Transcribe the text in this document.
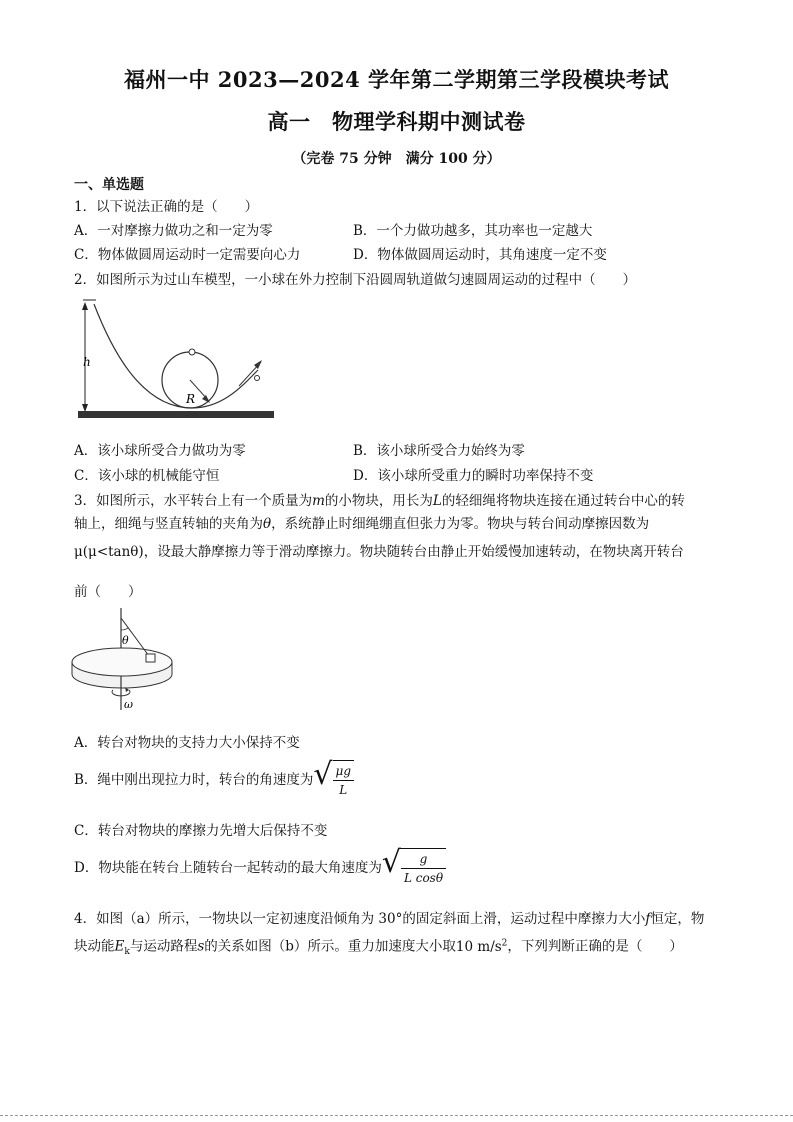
福州一中 2023—2024 学年第二学期第三学段模块考试
高一　物理学科期中测试卷
（完卷 75 分钟　满分 100 分）
一、单选题
1．以下说法正确的是（　　）
A．一对摩擦力做功之和一定为零	B．一个力做功越多，其功率也一定越大
C．物体做圆周运动时一定需要向心力	D．物体做圆周运动时，其角速度一定不变
2．如图所示为过山车模型，一小球在外力控制下沿圆周轨道做匀速圆周运动的过程中（　　）
h
R
A．该小球所受合力做功为零	B．该小球所受合力始终为零
C．该小球的机械能守恒	D．该小球所受重力的瞬时功率保持不变
3．如图所示，水平转台上有一个质量为m的小物块，用长为L的轻细绳将物块连接在通过转台中心的转
轴上，细绳与竖直转轴的夹角为θ，系统静止时细绳绷直但张力为零。物块与转台间动摩擦因数为
μ(μ<tanθ)，设最大静摩擦力等于滑动摩擦力。物块随转台由静止开始缓慢加速转动，在物块离开转台
前（　　）
θ
ω
A．转台对物块的支持力大小保持不变
B．绳中刚出现拉力时，转台的角速度为 √ $\frac{\mu g}{L}$
C．转台对物块的摩擦力先增大后保持不变
D．物块能在转台上随转台一起转动的最大角速度为 √ $\frac{g}{\text{L cosθ}}$
4．如图（a）所示，一物块以一定初速度沿倾角为 30°的固定斜面上滑，运动过程中摩擦力大小f恒定，物
块动能$E_k$与运动路程s的关系如图（b）所示。重力加速度大小取10 $m/s^2$，下列判断正确的是（　　）
